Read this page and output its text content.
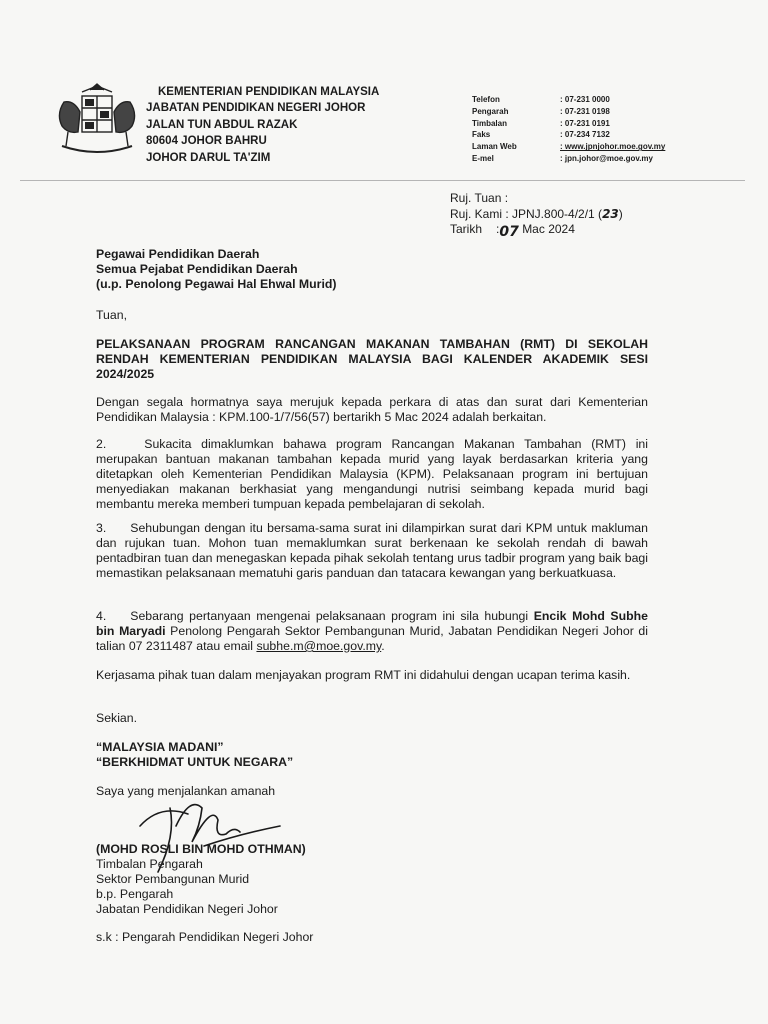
KEMENTERIAN PENDIDIKAN MALAYSIA
JABATAN PENDIDIKAN NEGERI JOHOR
JALAN TUN ABDUL RAZAK
80604 JOHOR BAHRU
JOHOR DARUL TA'ZIM
Telefon	: 07-231 0000
Pengarah	: 07-231 0198
Timbalan	: 07-231 0191
Faks	: 07-234 7132
Laman Web	: www.jpnjohor.moe.gov.my
E-mel	: jpn.johor@moe.gov.my
Ruj. Tuan :
Ruj. Kami : JPNJ.800-4/2/1 (23)
Tarikh :07 Mac 2024
Pegawai Pendidikan Daerah
Semua Pejabat Pendidikan Daerah
(u.p. Penolong Pegawai Hal Ehwal Murid)
Tuan,
PELAKSANAAN PROGRAM RANCANGAN MAKANAN TAMBAHAN (RMT) DI SEKOLAH RENDAH KEMENTERIAN PENDIDIKAN MALAYSIA BAGI KALENDER AKADEMIK SESI 2024/2025
Dengan segala hormatnya saya merujuk kepada perkara di atas dan surat dari Kementerian Pendidikan Malaysia : KPM.100-1/7/56(57) bertarikh 5 Mac 2024 adalah berkaitan.
2.	Sukacita dimaklumkan bahawa program Rancangan Makanan Tambahan (RMT) ini merupakan bantuan makanan tambahan kepada murid yang layak berdasarkan kriteria yang ditetapkan oleh Kementerian Pendidikan Malaysia (KPM). Pelaksanaan program ini bertujuan menyediakan makanan berkhasiat yang mengandungi nutrisi seimbang kepada murid bagi membantu mereka memberi tumpuan kepada pembelajaran di sekolah.
3. Sehubungan dengan itu bersama-sama surat ini dilampirkan surat dari KPM untuk makluman dan rujukan tuan. Mohon tuan memaklumkan surat berkenaan ke sekolah rendah di bawah pentadbiran tuan dan menegaskan kepada pihak sekolah tentang urus tadbir program yang baik bagi memastikan pelaksanaan mematuhi garis panduan dan tatacara kewangan yang berkuatkuasa.
4. Sebarang pertanyaan mengenai pelaksanaan program ini sila hubungi Encik Mohd Subhe bin Maryadi Penolong Pengarah Sektor Pembangunan Murid, Jabatan Pendidikan Negeri Johor di talian 07 2311487 atau email subhe.m@moe.gov.my.
Kerjasama pihak tuan dalam menjayakan program RMT ini didahului dengan ucapan terima kasih.
Sekian.
“MALAYSIA MADANI”
“BERKHIDMAT UNTUK NEGARA”
Saya yang menjalankan amanah
(MOHD ROSLI BIN MOHD OTHMAN)
Timbalan Pengarah
Sektor Pembangunan Murid
b.p. Pengarah
Jabatan Pendidikan Negeri Johor
s.k : Pengarah Pendidikan Negeri Johor
